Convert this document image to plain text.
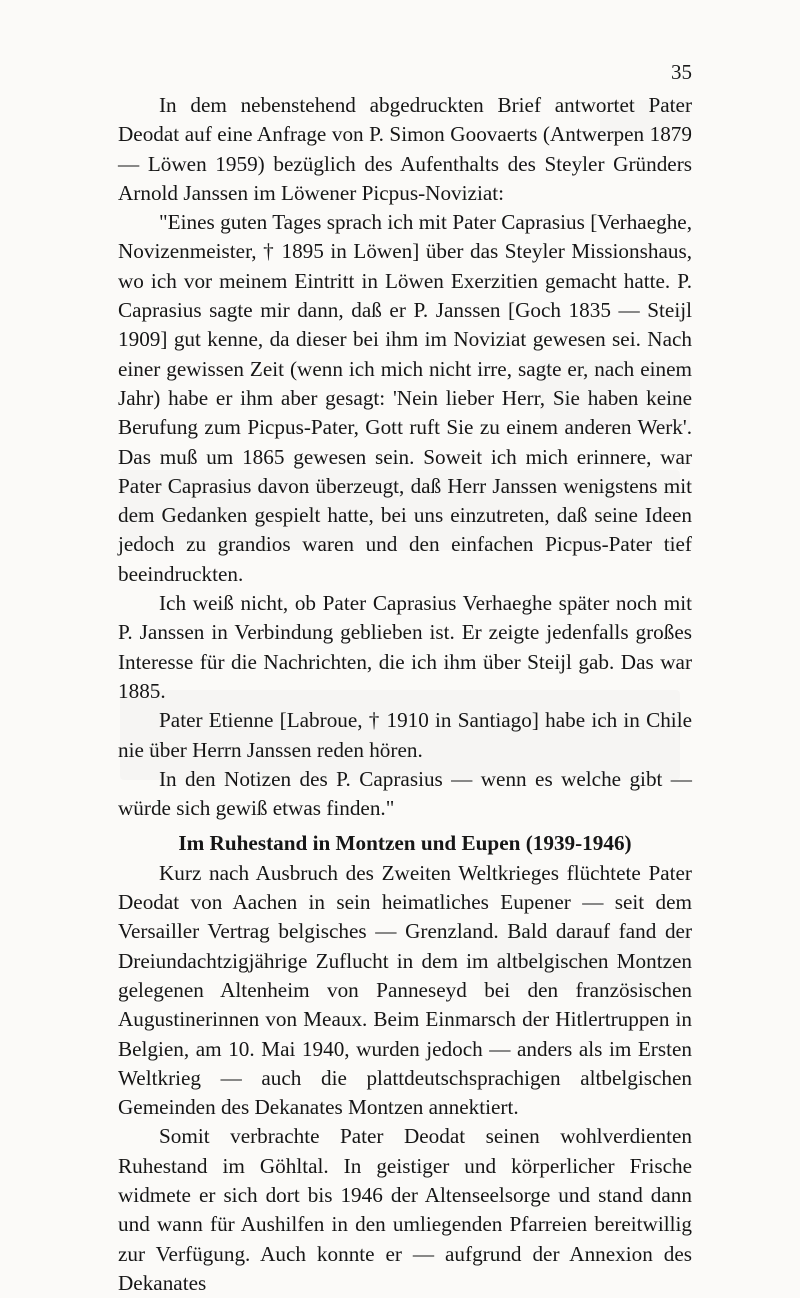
35

In dem nebenstehend abgedruckten Brief antwortet Pater Deodat auf eine Anfrage von P. Simon Goovaerts (Antwerpen 1879 — Löwen 1959) bezüglich des Aufenthalts des Steyler Gründers Arnold Janssen im Löwener Picpus-Noviziat:

"Eines guten Tages sprach ich mit Pater Caprasius [Verhaeghe, Novizenmeister, † 1895 in Löwen] über das Steyler Missionshaus, wo ich vor meinem Eintritt in Löwen Exerzitien gemacht hatte. P. Caprasius sagte mir dann, daß er P. Janssen [Goch 1835 — Steijl 1909] gut kenne, da dieser bei ihm im Noviziat gewesen sei. Nach einer gewissen Zeit (wenn ich mich nicht irre, sagte er, nach einem Jahr) habe er ihm aber gesagt: 'Nein lieber Herr, Sie haben keine Berufung zum Picpus-Pater, Gott ruft Sie zu einem anderen Werk'. Das muß um 1865 gewesen sein. Soweit ich mich erinnere, war Pater Caprasius davon überzeugt, daß Herr Janssen wenigstens mit dem Gedanken gespielt hatte, bei uns einzutreten, daß seine Ideen jedoch zu grandios waren und den einfachen Picpus-Pater tief beeindruckten.

Ich weiß nicht, ob Pater Caprasius Verhaeghe später noch mit P. Janssen in Verbindung geblieben ist. Er zeigte jedenfalls großes Interesse für die Nachrichten, die ich ihm über Steijl gab. Das war 1885.

Pater Etienne [Labroue, † 1910 in Santiago] habe ich in Chile nie über Herrn Janssen reden hören.

In den Notizen des P. Caprasius — wenn es welche gibt — würde sich gewiß etwas finden."

Im Ruhestand in Montzen und Eupen (1939-1946)

Kurz nach Ausbruch des Zweiten Weltkrieges flüchtete Pater Deodat von Aachen in sein heimatliches Eupener — seit dem Versailler Vertrag belgisches — Grenzland. Bald darauf fand der Dreiundachtzigjährige Zuflucht in dem im altbelgischen Montzen gelegenen Altenheim von Panneseyd bei den französischen Augustinerinnen von Meaux. Beim Einmarsch der Hitlertruppen in Belgien, am 10. Mai 1940, wurden jedoch — anders als im Ersten Weltkrieg — auch die plattdeutschsprachigen altbelgischen Gemeinden des Dekanates Montzen annektiert.

Somit verbrachte Pater Deodat seinen wohlverdienten Ruhestand im Göhltal. In geistiger und körperlicher Frische widmete er sich dort bis 1946 der Altenseelsorge und stand dann und wann für Aushilfen in den umliegenden Pfarreien bereitwillig zur Verfügung. Auch konnte er — aufgrund der Annexion des Dekanates
